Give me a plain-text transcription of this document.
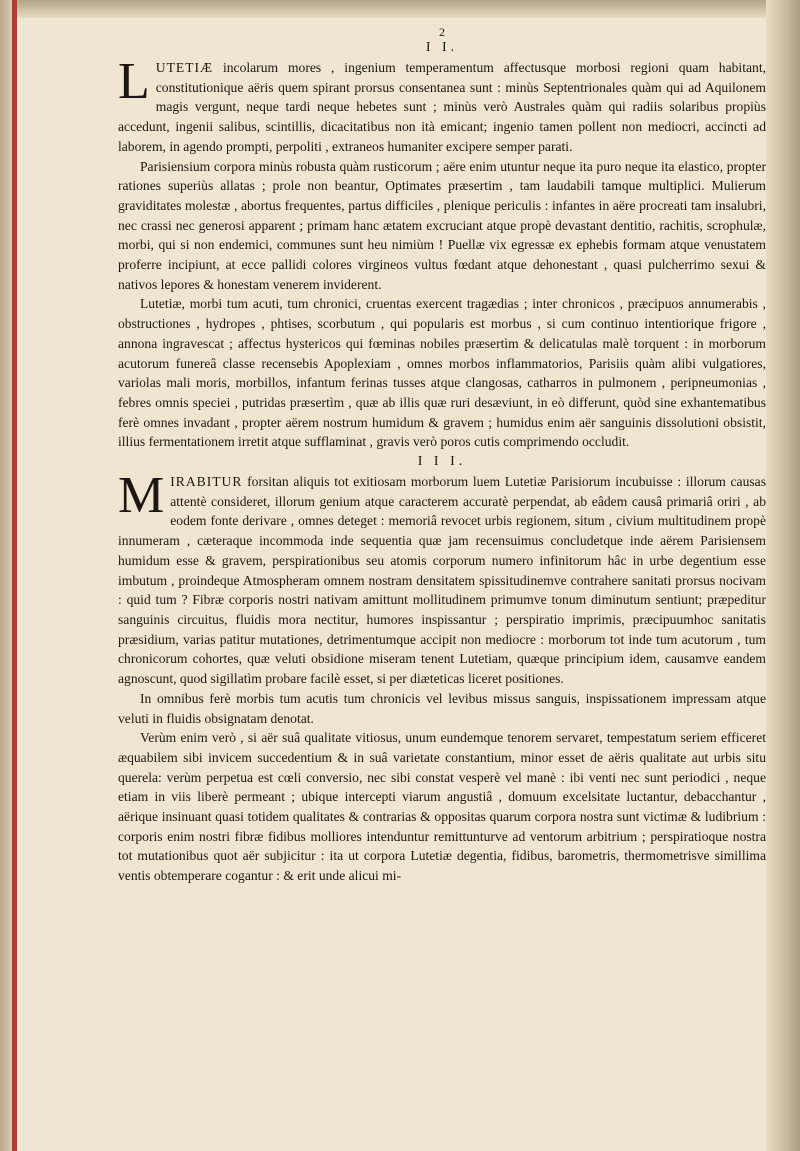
2
I I.

LUTETIÆ incolarum mores , ingenium temperamentum affectusque morbosi regioni quam habitant, constitutionique aëris quem spirant prorsus consentanea sunt : minùs Septentrionales quàm qui ad Aquilonem magis vergunt, neque tardi neque hebetes sunt ; minùs verò Australes quàm qui radiis solaribus propiùs accedunt, ingenii salibus, scintillis, dicacitatibus non ità emicant; ingenio tamen pollent non mediocri, accincti ad laborem, in agendo prompti, perpoliti , extraneos humaniter excipere semper parati.

Parisiensium corpora minùs robusta quàm rusticorum ; aëre enim utuntur neque ita puro neque ita elastico, propter rationes superiùs allatas ; prole non beantur, Optimates præsertim , tam laudabili tamque multiplici. Mulierum graviditates molestæ , abortus frequentes, partus difficiles , plenique periculis : infantes in aëre procreati tam insalubri, nec crassi nec generosi apparent ; primam hanc ætatem excruciant atque propè devastant dentitio, rachitis, scrophulæ, morbi, qui si non endemici, communes sunt heu nimiùm ! Puellæ vix egressæ ex ephebis formam atque venustatem proferre incipiunt, at ecce pallidi colores virgineos vultus fœdant atque dehonestant , quasi pulcherrimo sexui & nativos lepores & honestam venerem inviderent.

Lutetiæ, morbi tum acuti, tum chronici, cruentas exercent tragædias ; inter chronicos , præcipuos annumerabis , obstructiones , hydropes , phtises, scorbutum , qui popularis est morbus , si cum continuo intentiorique frigore , annona ingravescat ; affectus hystericos qui fœminas nobiles præsertìm & delicatulas malè torquent : in morborum acutorum funereâ classe recensebis Apoplexiam , omnes morbos inflammatorios, Parisiis quàm alibi vulgatiores, variolas mali moris, morbillos, infantum ferinas tusses atque clangosas, catharros in pulmonem , peripneumonias , febres omnis speciei , putridas præsertìm , quæ ab illis quæ ruri desæviunt, in eò differunt, quòd sine exhantematibus ferè omnes invadant , propter aërem nostrum humidum & gravem ; humidus enim aër sanguinis dissolutioni obsistit, illius fermentationem irretit atque sufflaminat , gravis verò poros cutis comprimendo occludit.

I I I.

MIRABITUR forsitan aliquis tot exitiosam morborum luem Lutetiæ Parisiorum incubuisse : illorum causas attentè consideret, illorum genium atque caracterem accuratè perpendat, ab eâdem causâ primariâ oriri , ab eodem fonte derivare , omnes deteget : memoriâ revocet urbis regionem, situm , civium multitudinem propè innumeram , cæteraque incommoda inde sequentia quæ jam recensuimus concludetque inde aërem Parisiensem humidum esse & gravem, perspirationibus seu atomis corporum numero infinitorum hâc in urbe degentium esse imbutum , proindeque Atmospheram omnem nostram densitatem spissitudinemve contrahere sanitati prorsus nocivam : quid tum ? Fibræ corporis nostri nativam amittunt mollitudinem primumve tonum diminutum sentiunt; præpeditur sanguinis circuitus, fluidis mora nectitur, humores inspissantur ; perspiratio imprimis, præcipuumhoc sanitatis præsidium, varias patitur mutationes, detrimentumque accipit non mediocre : morborum tot inde tum acutorum , tum chronicorum cohortes, quæ veluti obsidione miseram tenent Lutetiam, quæque principium idem, causamve eandem agnoscunt, quod sigillatìm probare facilè esset, si per diæteticas liceret positiones.

In omnibus ferè morbis tum acutis tum chronicis vel levibus missus sanguis, inspissationem impressam atque veluti in fluidis obsignatam denotat.

Verùm enim verò , si aër suâ qualitate vitiosus, unum eundemque tenorem servaret, tempestatum seriem efficeret æquabilem sibi invicem succedentium & in suâ varietate constantium, minor esset de aëris qualitate aut urbis situ querela: verùm perpetua est cœli conversio, nec sibi constat vesperè vel manè : ibi venti nec sunt periodici , neque etiam in viis liberè permeant ; ubique intercepti viarum angustiâ , domuum excelsitate luctantur, debacchantur , aërique insinuant quasi totidem qualitates & contrarias & oppositas quarum corpora nostra sunt victimæ & ludibrium : corporis enim nostri fibræ fidibus molliores intenduntur remittunturve ad ventorum arbitrium ; perspiratioque nostra tot mutationibus quot aër subjicitur : ita ut corpora Lutetiæ degentia, fidibus, barometris, thermometrisve simillima ventis obtemperare cogantur : & erit unde alicui mi-
